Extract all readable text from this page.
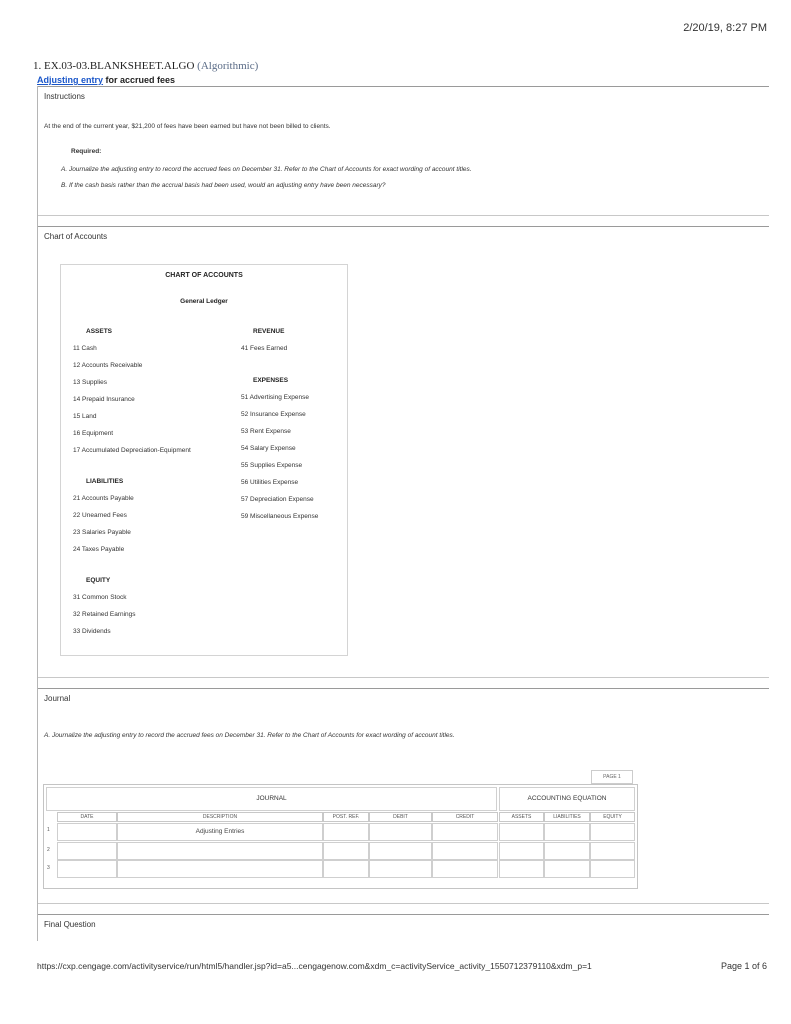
2/20/19, 8:27 PM
1. EX.03-03.BLANKSHEET.ALGO (Algorithmic)
Adjusting entry for accrued fees
Instructions
At the end of the current year, $21,200 of fees have been earned but have not been billed to clients.
Required:
A. Journalize the adjusting entry to record the accrued fees on December 31. Refer to the Chart of Accounts for exact wording of account titles.
B. If the cash basis rather than the accrual basis had been used, would an adjusting entry have been necessary?
Chart of Accounts
CHART OF ACCOUNTS
General Ledger
ASSETS
11 Cash
12 Accounts Receivable
13 Supplies
14 Prepaid Insurance
15 Land
16 Equipment
17 Accumulated Depreciation-Equipment
LIABILITIES
21 Accounts Payable
22 Unearned Fees
23 Salaries Payable
24 Taxes Payable
EQUITY
31 Common Stock
32 Retained Earnings
33 Dividends
REVENUE
41 Fees Earned
EXPENSES
51 Advertising Expense
52 Insurance Expense
53 Rent Expense
54 Salary Expense
55 Supplies Expense
56 Utilities Expense
57 Depreciation Expense
59 Miscellaneous Expense
Journal
A. Journalize the adjusting entry to record the accrued fees on December 31. Refer to the Chart of Accounts for exact wording of account titles.
PAGE 1
JOURNAL	ACCOUNTING EQUATION
DATE	DESCRIPTION	POST. REF.	DEBIT	CREDIT	ASSETS	LIABILITIES	EQUITY
1	Adjusting Entries
2
3
Final Question
https://cxp.cengage.com/activityservice/run/html5/handler.jsp?id=a5...cengagenow.com&xdm_c=activityService_activity_1550712379110&xdm_p=1	Page 1 of 6
